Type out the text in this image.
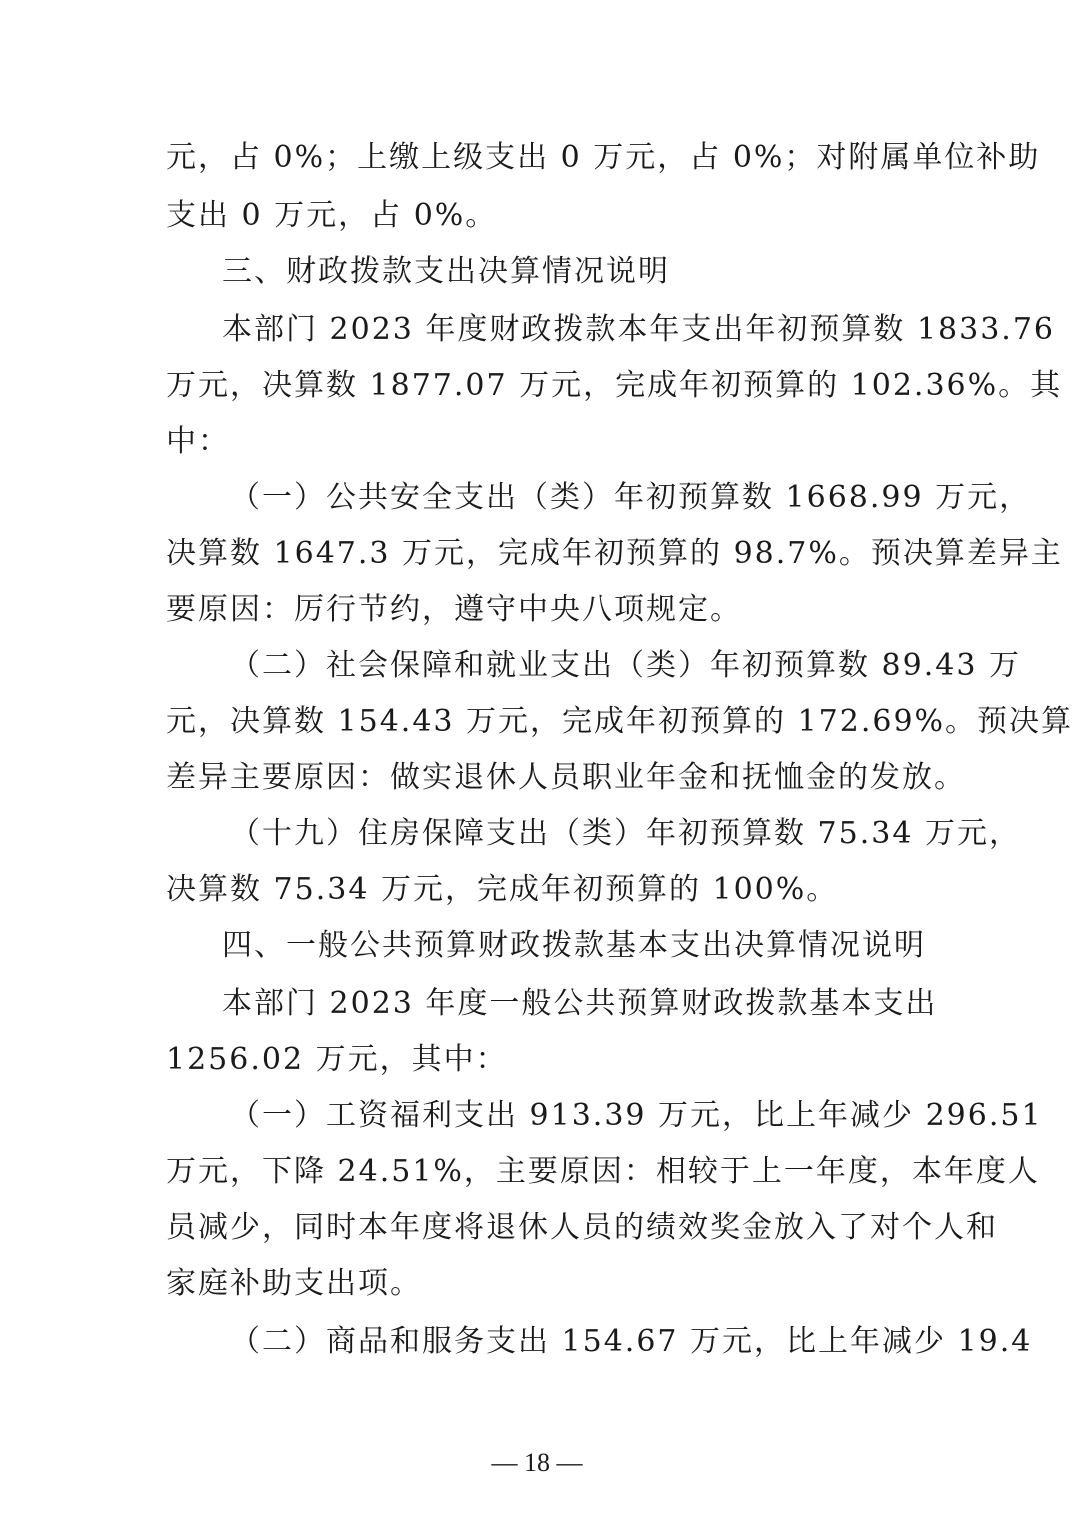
元，占 0%；上缴上级支出 0 万元，占 0%；对附属单位补助
支出 0 万元，占 0%。
三、财政拨款支出决算情况说明
本部门 2023 年度财政拨款本年支出年初预算数 1833.76
万元，决算数 1877.07 万元，完成年初预算的 102.36%。其
中：
（一）公共安全支出（类）年初预算数 1668.99 万元，
决算数 1647.3 万元，完成年初预算的 98.7%。预决算差异主
要原因：厉行节约，遵守中央八项规定。
（二）社会保障和就业支出（类）年初预算数 89.43 万
元，决算数 154.43 万元，完成年初预算的 172.69%。预决算
差异主要原因：做实退休人员职业年金和抚恤金的发放。
（十九）住房保障支出（类）年初预算数 75.34 万元，
决算数 75.34 万元，完成年初预算的 100%。
四、一般公共预算财政拨款基本支出决算情况说明
本部门 2023 年度一般公共预算财政拨款基本支出
1256.02 万元，其中：
（一）工资福利支出 913.39 万元，比上年减少 296.51
万元，下降 24.51%，主要原因：相较于上一年度，本年度人
员减少，同时本年度将退休人员的绩效奖金放入了对个人和
家庭补助支出项。
（二）商品和服务支出 154.67 万元，比上年减少 19.4
— 18 —
